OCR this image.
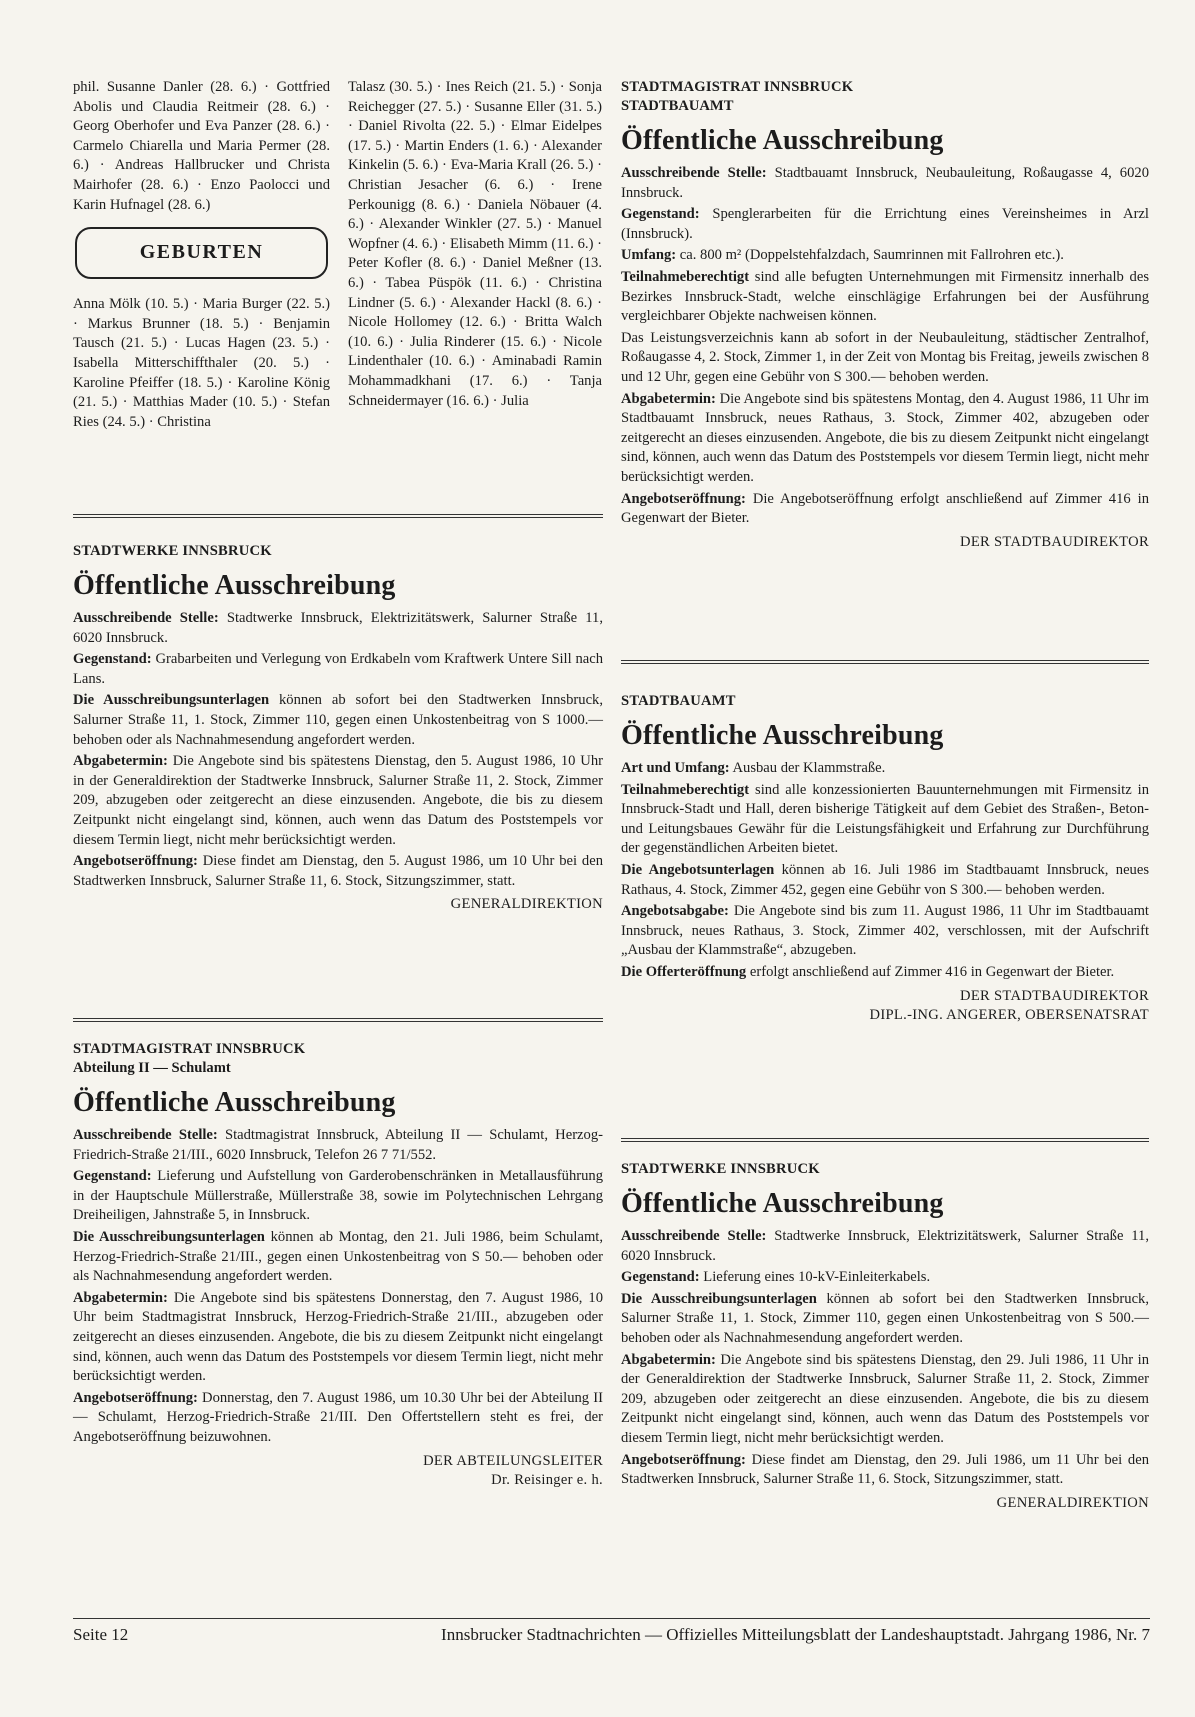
phil. Susanne Danler (28. 6.) · Gottfried Abolis und Claudia Reitmeir (28. 6.) · Georg Oberhofer und Eva Panzer (28. 6.) · Carmelo Chiarella und Maria Permer (28. 6.) · Andreas Hallbrucker und Christa Mairhofer (28. 6.) · Enzo Paolocci und Karin Hufnagel (28. 6.)

GEBURTEN

Anna Mölk (10. 5.) · Maria Burger (22. 5.) · Markus Brunner (18. 5.) · Benjamin Tausch (21. 5.) · Lucas Hagen (23. 5.) · Isabella Mitterschiffthaler (20. 5.) · Karoline Pfeiffer (18. 5.) · Karoline König (21. 5.) · Matthias Mader (10. 5.) · Stefan Ries (24. 5.) · Christina

Talasz (30. 5.) · Ines Reich (21. 5.) · Sonja Reichegger (27. 5.) · Susanne Eller (31. 5.) · Daniel Rivolta (22. 5.) · Elmar Eidelpes (17. 5.) · Martin Enders (1. 6.) · Alexander Kinkelin (5. 6.) · Eva-Maria Krall (26. 5.) · Christian Jesacher (6. 6.) · Irene Perkounigg (8. 6.) · Daniela Nöbauer (4. 6.) · Alexander Winkler (27. 5.) · Manuel Wopfner (4. 6.) · Elisabeth Mimm (11. 6.) · Peter Kofler (8. 6.) · Daniel Meßner (13. 6.) · Tabea Püspök (11. 6.) · Christina Lindner (5. 6.) · Alexander Hackl (8. 6.) · Nicole Hollomey (12. 6.) · Britta Walch (10. 6.) · Julia Rinderer (15. 6.) · Nicole Lindenthaler (10. 6.) · Aminabadi Ramin Mohammadkhani (17. 6.) · Tanja Schneidermayer (16. 6.) · Julia

STADTWERKE INNSBRUCK
Öffentliche Ausschreibung

Ausschreibende Stelle: Stadtwerke Innsbruck, Elektrizitätswerk, Salurner Straße 11, 6020 Innsbruck.

Gegenstand: Grabarbeiten und Verlegung von Erdkabeln vom Kraftwerk Untere Sill nach Lans.

Die Ausschreibungsunterlagen können ab sofort bei den Stadtwerken Innsbruck, Salurner Straße 11, 1. Stock, Zimmer 110, gegen einen Unkostenbeitrag von S 1000.— behoben oder als Nachnahmesendung angefordert werden.

Abgabetermin: Die Angebote sind bis spätestens Dienstag, den 5. August 1986, 10 Uhr in der Generaldirektion der Stadtwerke Innsbruck, Salurner Straße 11, 2. Stock, Zimmer 209, abzugeben oder zeitgerecht an diese einzusenden. Angebote, die bis zu diesem Zeitpunkt nicht eingelangt sind, können, auch wenn das Datum des Poststempels vor diesem Termin liegt, nicht mehr berücksichtigt werden.

Angebotseröffnung: Diese findet am Dienstag, den 5. August 1986, um 10 Uhr bei den Stadtwerken Innsbruck, Salurner Straße 11, 6. Stock, Sitzungszimmer, statt.

GENERALDIREKTION

STADTMAGISTRAT INNSBRUCK
Abteilung II — Schulamt
Öffentliche Ausschreibung

Ausschreibende Stelle: Stadtmagistrat Innsbruck, Abteilung II — Schulamt, Herzog-Friedrich-Straße 21/III., 6020 Innsbruck, Telefon 26 7 71/552.

Gegenstand: Lieferung und Aufstellung von Garderobenschränken in Metallausführung in der Hauptschule Müllerstraße, Müllerstraße 38, sowie im Polytechnischen Lehrgang Dreiheiligen, Jahnstraße 5, in Innsbruck.

Die Ausschreibungsunterlagen können ab Montag, den 21. Juli 1986, beim Schulamt, Herzog-Friedrich-Straße 21/III., gegen einen Unkostenbeitrag von S 50.— behoben oder als Nachnahmesendung angefordert werden.

Abgabetermin: Die Angebote sind bis spätestens Donnerstag, den 7. August 1986, 10 Uhr beim Stadtmagistrat Innsbruck, Herzog-Friedrich-Straße 21/III., abzugeben oder zeitgerecht an dieses einzusenden. Angebote, die bis zu diesem Zeitpunkt nicht eingelangt sind, können, auch wenn das Datum des Poststempels vor diesem Termin liegt, nicht mehr berücksichtigt werden.

Angebotseröffnung: Donnerstag, den 7. August 1986, um 10.30 Uhr bei der Abteilung II — Schulamt, Herzog-Friedrich-Straße 21/III. Den Offertstellern steht es frei, der Angebotseröffnung beizuwohnen.

DER ABTEILUNGSLEITER

Dr. Reisinger e. h.

STADTMAGISTRAT INNSBRUCK
STADTBAUAMT
Öffentliche Ausschreibung

Ausschreibende Stelle: Stadtbauamt Innsbruck, Neubauleitung, Roßaugasse 4, 6020 Innsbruck.

Gegenstand: Spenglerarbeiten für die Errichtung eines Vereinsheimes in Arzl (Innsbruck).

Umfang: ca. 800 m² (Doppelstehfalzdach, Saumrinnen mit Fallrohren etc.).

Teilnahmeberechtigt sind alle befugten Unternehmungen mit Firmensitz innerhalb des Bezirkes Innsbruck-Stadt, welche einschlägige Erfahrungen bei der Ausführung vergleichbarer Objekte nachweisen können.

Das Leistungsverzeichnis kann ab sofort in der Neubauleitung, städtischer Zentralhof, Roßaugasse 4, 2. Stock, Zimmer 1, in der Zeit von Montag bis Freitag, jeweils zwischen 8 und 12 Uhr, gegen eine Gebühr von S 300.— behoben werden.

Abgabetermin: Die Angebote sind bis spätestens Montag, den 4. August 1986, 11 Uhr im Stadtbauamt Innsbruck, neues Rathaus, 3. Stock, Zimmer 402, abzugeben oder zeitgerecht an dieses einzusenden. Angebote, die bis zu diesem Zeitpunkt nicht eingelangt sind, können, auch wenn das Datum des Poststempels vor diesem Termin liegt, nicht mehr berücksichtigt werden.

Angebotseröffnung: Die Angebotseröffnung erfolgt anschließend auf Zimmer 416 in Gegenwart der Bieter.

DER STADTBAUDIREKTOR

STADTBAUAMT
Öffentliche Ausschreibung

Art und Umfang: Ausbau der Klammstraße.

Teilnahmeberechtigt sind alle konzessionierten Bauunternehmungen mit Firmensitz in Innsbruck-Stadt und Hall, deren bisherige Tätigkeit auf dem Gebiet des Straßen-, Beton- und Leitungsbaues Gewähr für die Leistungsfähigkeit und Erfahrung zur Durchführung der gegenständlichen Arbeiten bietet.

Die Angebotsunterlagen können ab 16. Juli 1986 im Stadtbauamt Innsbruck, neues Rathaus, 4. Stock, Zimmer 452, gegen eine Gebühr von S 300.— behoben werden.

Angebotsabgabe: Die Angebote sind bis zum 11. August 1986, 11 Uhr im Stadtbauamt Innsbruck, neues Rathaus, 3. Stock, Zimmer 402, verschlossen, mit der Aufschrift „Ausbau der Klammstraße“, abzugeben.

Die Offerteröffnung erfolgt anschließend auf Zimmer 416 in Gegenwart der Bieter.

DER STADTBAUDIREKTOR

DIPL.-ING. ANGERER, OBERSENATSRAT

STADTWERKE INNSBRUCK
Öffentliche Ausschreibung

Ausschreibende Stelle: Stadtwerke Innsbruck, Elektrizitätswerk, Salurner Straße 11, 6020 Innsbruck.

Gegenstand: Lieferung eines 10-kV-Einleiterkabels.

Die Ausschreibungsunterlagen können ab sofort bei den Stadtwerken Innsbruck, Salurner Straße 11, 1. Stock, Zimmer 110, gegen einen Unkostenbeitrag von S 500.— behoben oder als Nachnahmesendung angefordert werden.

Abgabetermin: Die Angebote sind bis spätestens Dienstag, den 29. Juli 1986, 11 Uhr in der Generaldirektion der Stadtwerke Innsbruck, Salurner Straße 11, 2. Stock, Zimmer 209, abzugeben oder zeitgerecht an diese einzusenden. Angebote, die bis zu diesem Zeitpunkt nicht eingelangt sind, können, auch wenn das Datum des Poststempels vor diesem Termin liegt, nicht mehr berücksichtigt werden.

Angebotseröffnung: Diese findet am Dienstag, den 29. Juli 1986, um 11 Uhr bei den Stadtwerken Innsbruck, Salurner Straße 11, 6. Stock, Sitzungszimmer, statt.

GENERALDIREKTION

Seite 12	Innsbrucker Stadtnachrichten — Offizielles Mitteilungsblatt der Landeshauptstadt. Jahrgang 1986, Nr. 7
